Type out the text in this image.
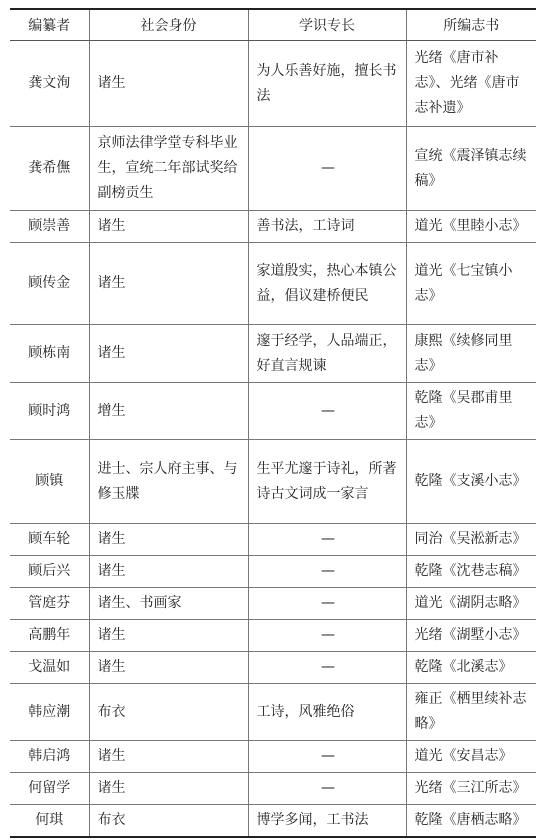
编纂者	社会身份	学识专长	所编志书
龚文洵	诸生	为人乐善好施，擅长书法	光绪《唐市补志》、光绪《唐市志补遗》
龚希㒇	京师法律学堂专科毕业生，宣统二年部试奖给副榜贡生	—	宣统《震泽镇志续稿》
顾崇善	诸生	善书法，工诗词	道光《里睦小志》
顾传金	诸生	家道殷实，热心本镇公益，倡议建桥便民	道光《七宝镇小志》
顾栋南	诸生	邃于经学，人品端正，好直言规谏	康熙《续修同里志》
顾时鸿	增生	—	乾隆《吴郡甫里志》
顾镇	进士、宗人府主事、与修玉牒	生平尤邃于诗礼，所著诗古文词成一家言	乾隆《支溪小志》
顾车轮	诸生	—	同治《吴淞新志》
顾后兴	诸生	—	乾隆《沈巷志稿》
管庭芬	诸生、书画家	—	道光《湖阴志略》
高鹏年	诸生	—	光绪《湖墅小志》
戈温如	诸生	—	乾隆《北溪志》
韩应潮	布衣	工诗，风雅绝俗	雍正《栖里续补志略》
韩启鸿	诸生	—	道光《安昌志》
何留学	诸生	—	光绪《三江所志》
何琪	布衣	博学多闻，工书法	乾隆《唐栖志略》
